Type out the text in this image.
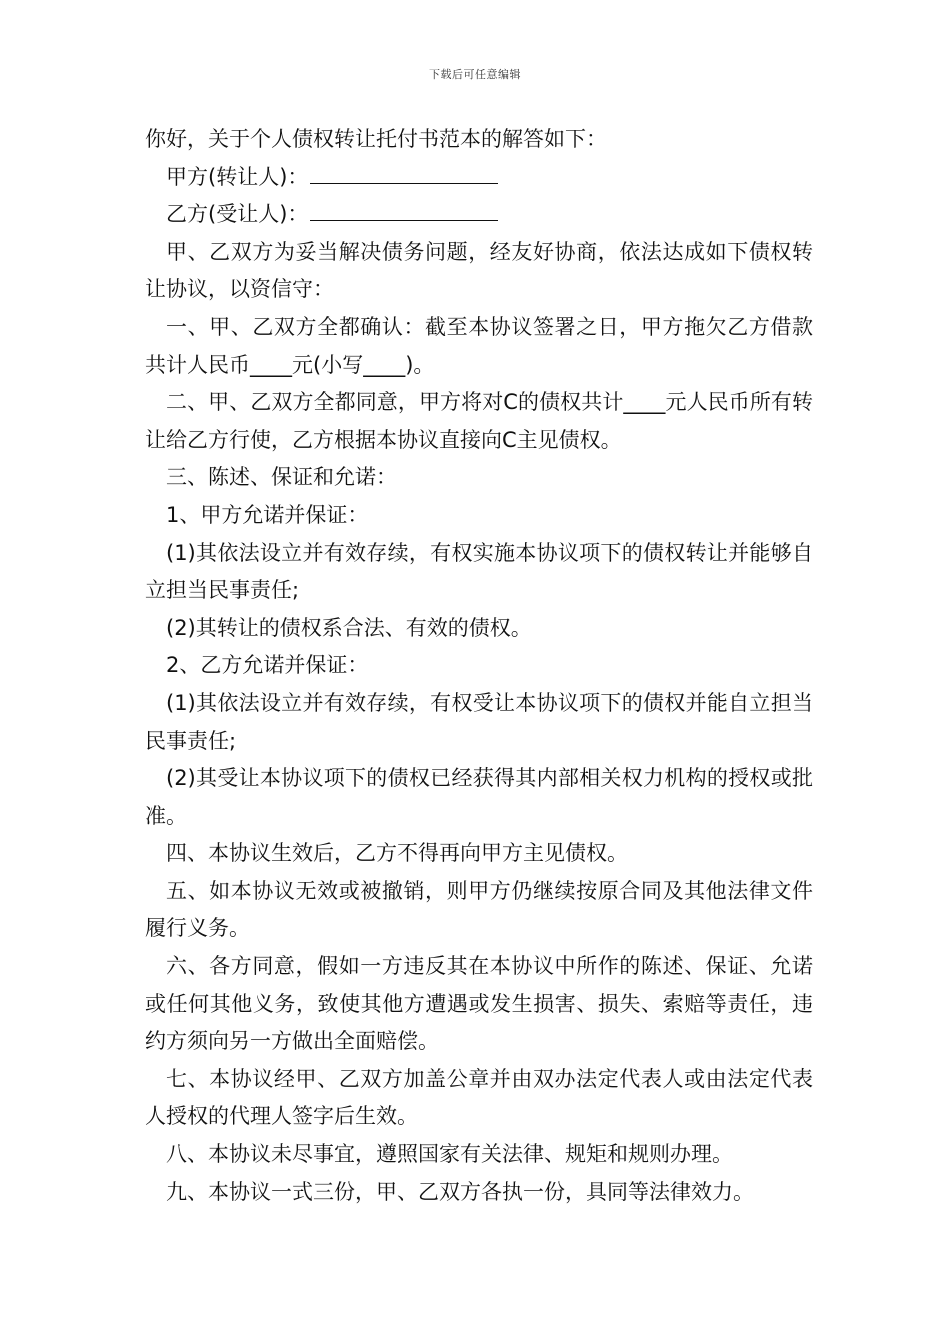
下载后可任意编辑

你好，关于个人债权转让托付书范本的解答如下：

甲方(转让人)：

乙方(受让人)：

甲、乙双方为妥当解决债务问题，经友好协商，依法达成如下债权转让协议，以资信守：

一、甲、乙双方全都确认：截至本协议签署之日，甲方拖欠乙方借款共计人民币____元(小写____)。

二、甲、乙双方全都同意，甲方将对C的债权共计____元人民币所有转让给乙方行使，乙方根据本协议直接向C主见债权。

三、陈述、保证和允诺：

1、甲方允诺并保证：

(1)其依法设立并有效存续，有权实施本协议项下的债权转让并能够自立担当民事责任;

(2)其转让的债权系合法、有效的债权。

2、乙方允诺并保证：

(1)其依法设立并有效存续，有权受让本协议项下的债权并能自立担当民事责任;

(2)其受让本协议项下的债权已经获得其内部相关权力机构的授权或批准。

四、本协议生效后，乙方不得再向甲方主见债权。

五、如本协议无效或被撤销，则甲方仍继续按原合同及其他法律文件履行义务。

六、各方同意，假如一方违反其在本协议中所作的陈述、保证、允诺或任何其他义务，致使其他方遭遇或发生损害、损失、索赔等责任，违约方须向另一方做出全面赔偿。

七、本协议经甲、乙双方加盖公章并由双办法定代表人或由法定代表人授权的代理人签字后生效。

八、本协议未尽事宜，遵照国家有关法律、规矩和规则办理。

九、本协议一式三份，甲、乙双方各执一份，具同等法律效力。
